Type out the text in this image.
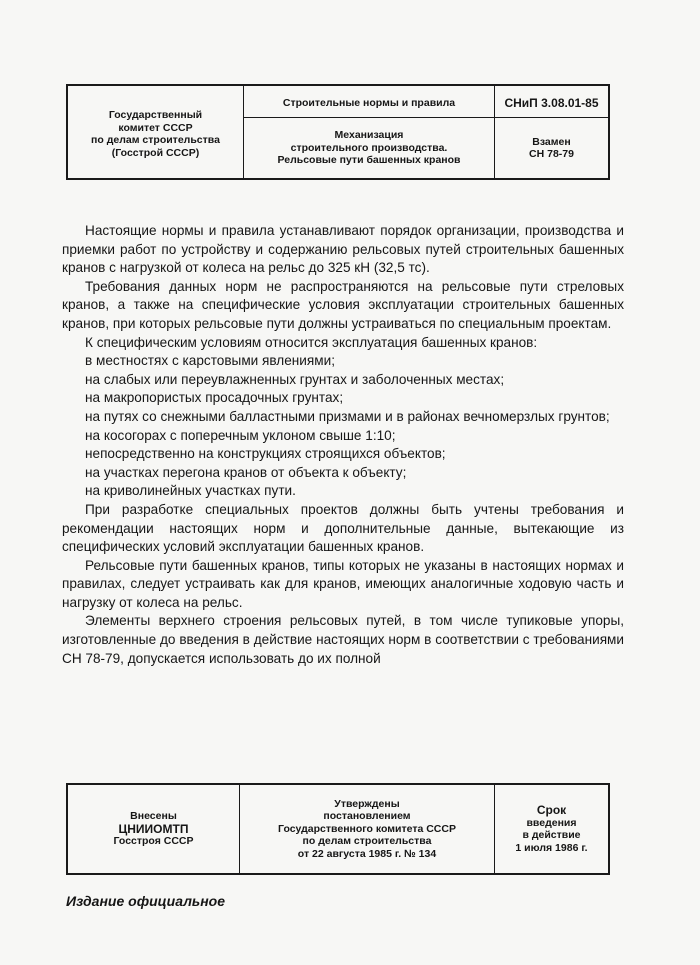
Государственный
комитет СССР
по делам строительства
(Госстрой СССР)
Строительные нормы и правила
Механизация
строительного производства.
Рельсовые пути башенных кранов
СНиП 3.08.01-85
Взамен
СН 78-79

Настоящие нормы и правила устанавливают порядок организации, производства и приемки работ по устройству и содержанию рельсовых путей строительных башенных кранов с нагрузкой от колеса на рельс до 325 кН (32,5 тс).

Требования данных норм не распространяются на рельсовые пути стреловых кранов, а также на специфические условия эксплуатации строительных башенных кранов, при которых рельсовые пути должны устраиваться по специальным проектам.

К специфическим условиям относится эксплуатация башенных кранов:

в местностях с карстовыми явлениями;

на слабых или переувлажненных грунтах и заболоченных местах;

на макропористых просадочных грунтах;

на путях со снежными балластными призмами и в районах вечномерзлых грунтов;

на косогорах с поперечным уклоном свыше 1:10;

непосредственно на конструкциях строящихся объектов;

на участках перегона кранов от объекта к объекту;

на криволинейных участках пути.

При разработке специальных проектов должны быть учтены требования и рекомендации настоящих норм и дополнительные данные, вытекающие из специфических условий эксплуатации башенных кранов.

Рельсовые пути башенных кранов, типы которых не указаны в настоящих нормах и правилах, следует устраивать как для кранов, имеющих аналогичные ходовую часть и нагрузку от колеса на рельс.

Элементы верхнего строения рельсовых путей, в том числе тупиковые упоры, изготовленные до введения в действие настоящих норм в соответствии с требованиями СН 78-79, допускается использовать до их полной

Внесены
ЦНИИОМТП
Госстроя СССР
Утверждены
постановлением
Государственного комитета СССР
по делам строительства
от 22 августа 1985 г. № 134
Срок
введения
в действие
1 июля 1986 г.
Издание официальное
